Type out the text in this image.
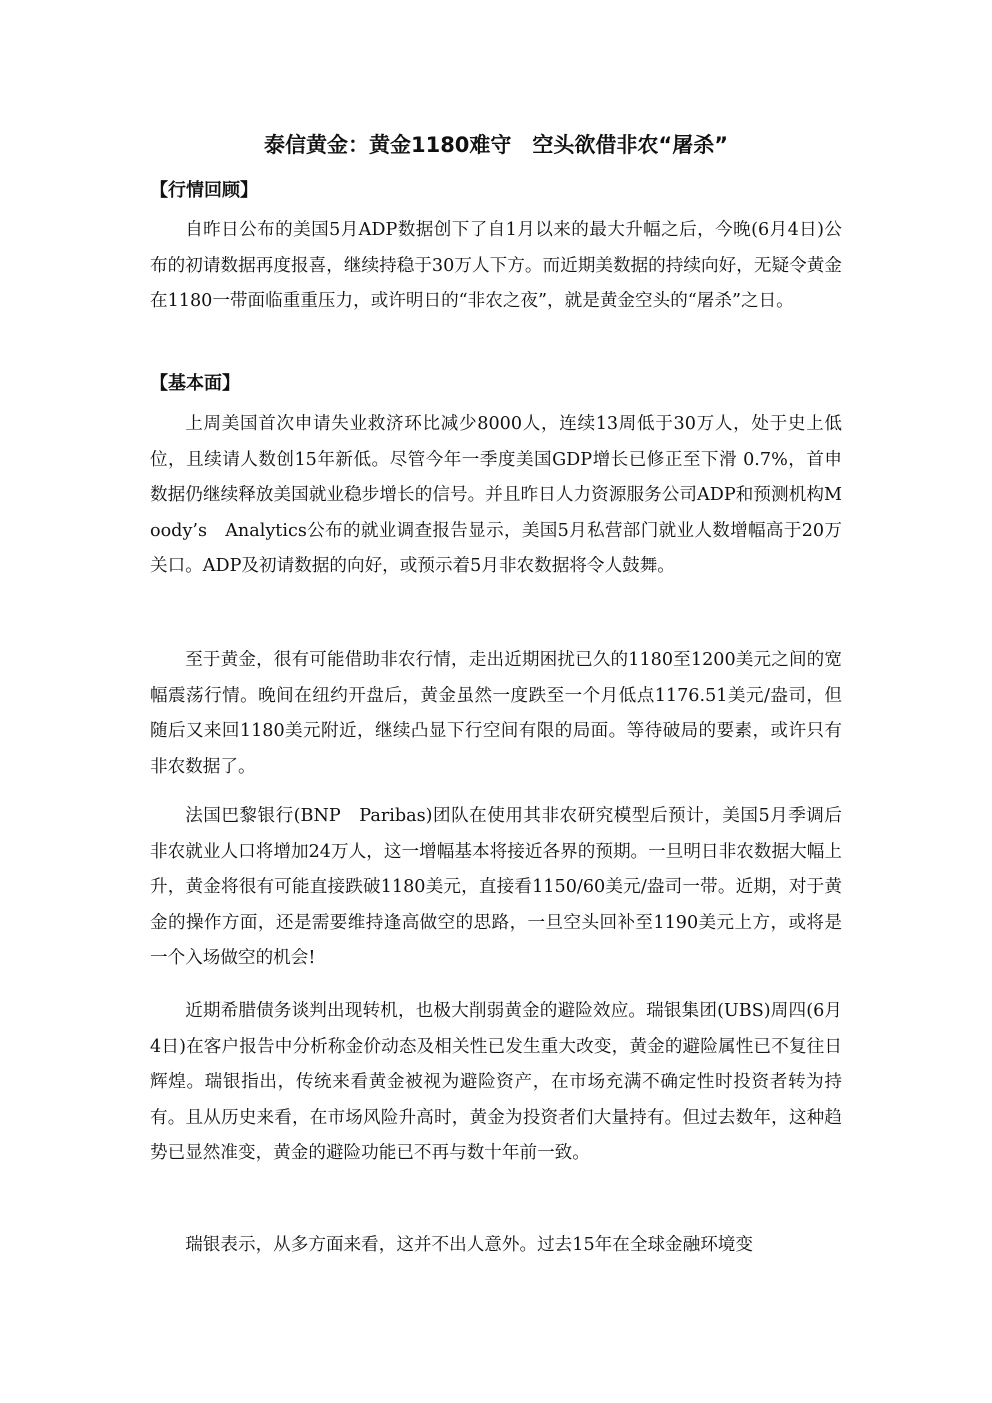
泰信黄金：黄金1180难守　空头欲借非农“屠杀”
【行情回顾】

自昨日公布的美国5月ADP数据创下了自1月以来的最大升幅之后，今晚(6月4日)公布的初请数据再度报喜，继续持稳于30万人下方。而近期美数据的持续向好，无疑令黄金在1180一带面临重重压力，或许明日的“非农之夜”，就是黄金空头的“屠杀”之日。

【基本面】

上周美国首次申请失业救济环比减少8000人，连续13周低于30万人，处于史上低位，且续请人数创15年新低。尽管今年一季度美国GDP增长已修正至下滑 0.7%，首申数据仍继续释放美国就业稳步增长的信号。并且昨日人力资源服务公司ADP和预测机构Moody’s　Analytics公布的就业调查报告显示，美国5月私营部门就业人数增幅高于20万关口。ADP及初请数据的向好，或预示着5月非农数据将令人鼓舞。

至于黄金，很有可能借助非农行情，走出近期困扰已久的1180至1200美元之间的宽幅震荡行情。晚间在纽约开盘后，黄金虽然一度跌至一个月低点1176.51美元/盎司，但随后又来回1180美元附近，继续凸显下行空间有限的局面。等待破局的要素，或许只有非农数据了。

法国巴黎银行(BNP　Paribas)团队在使用其非农研究模型后预计，美国5月季调后非农就业人口将增加24万人，这一增幅基本将接近各界的预期。一旦明日非农数据大幅上升，黄金将很有可能直接跌破1180美元，直接看1150/60美元/盎司一带。近期，对于黄金的操作方面，还是需要维持逢高做空的思路，一旦空头回补至1190美元上方，或将是一个入场做空的机会!

近期希腊债务谈判出现转机，也极大削弱黄金的避险效应。瑞银集团(UBS)周四(6月4日)在客户报告中分析称金价动态及相关性已发生重大改变，黄金的避险属性已不复往日辉煌。瑞银指出，传统来看黄金被视为避险资产，在市场充满不确定性时投资者转为持有。且从历史来看，在市场风险升高时，黄金为投资者们大量持有。但过去数年，这种趋势已显然准变，黄金的避险功能已不再与数十年前一致。

瑞银表示，从多方面来看，这并不出人意外。过去15年在全球金融环境变
